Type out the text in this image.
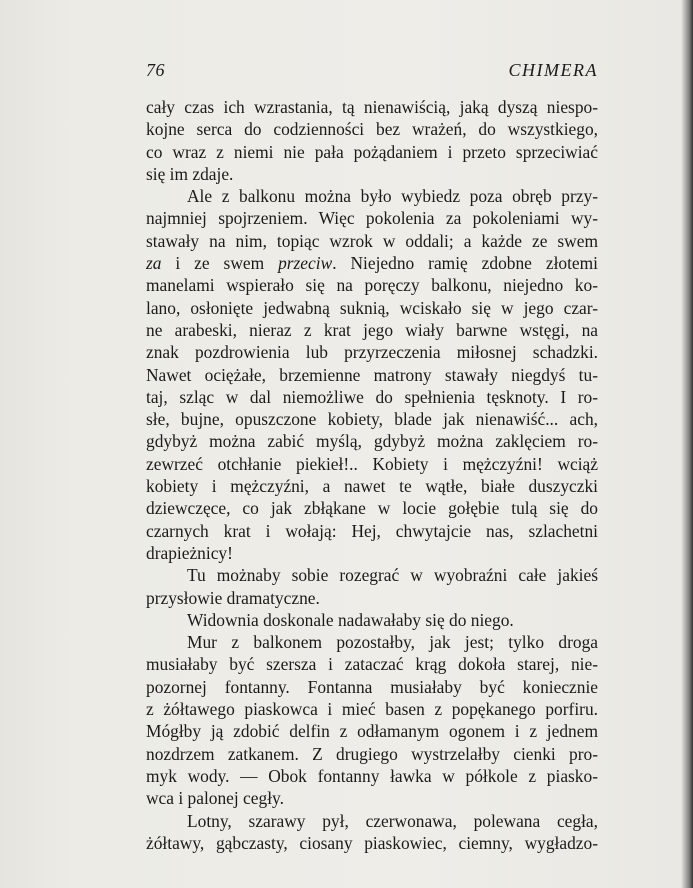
76	CHIMERA
cały czas ich wzrastania, tą nienawiścią, jaką dyszą niespo-
kojne serca do codzienności bez wrażeń, do wszystkiego,
co wraz z niemi nie pała pożądaniem i przeto sprzeciwiać
się im zdaje.
Ale z balkonu można było wybiedz poza obręb przy-
najmniej spojrzeniem. Więc pokolenia za pokoleniami wy-
stawały na nim, topiąc wzrok w oddali; a każde ze swem
za i ze swem przeciw. Niejedno ramię zdobne złotemi
manelami wspierało się na poręczy balkonu, niejedno ko-
lano, osłonięte jedwabną suknią, wciskało się w jego czar-
ne arabeski, nieraz z krat jego wiały barwne wstęgi, na
znak pozdrowienia lub przyrzeczenia miłosnej schadzki.
Nawet ociężałe, brzemienne matrony stawały niegdyś tu-
taj, szląc w dal niemożliwe do spełnienia tęsknoty. I ro-
słe, bujne, opuszczone kobiety, blade jak nienawiść... ach,
gdybyż można zabić myślą, gdybyż można zaklęciem ro-
zewrzeć otchłanie piekieł!.. Kobiety i mężczyźni! wciąż
kobiety i mężczyźni, a nawet te wątłe, białe duszyczki
dziewczęce, co jak zbłąkane w locie gołębie tulą się do
czarnych krat i wołają: Hej, chwytajcie nas, szlachetni
drapieżnicy!
Tu możnaby sobie rozegrać w wyobraźni całe jakieś
przysłowie dramatyczne.
Widownia doskonale nadawałaby się do niego.
Mur z balkonem pozostałby, jak jest; tylko droga
musiałaby być szersza i zataczać krąg dokoła starej, nie-
pozornej fontanny. Fontanna musiałaby być koniecznie
z żółtawego piaskowca i mieć basen z popękanego porfiru.
Mógłby ją zdobić delfin z odłamanym ogonem i z jednem
nozdrzem zatkanem. Z drugiego wystrzelałby cienki pro-
myk wody. — Obok fontanny ławka w półkole z piasko-
wca i palonej cegły.
Lotny, szarawy pył, czerwonawa, polewana cegła,
żółtawy, gąbczasty, ciosany piaskowiec, ciemny, wygładzo-
